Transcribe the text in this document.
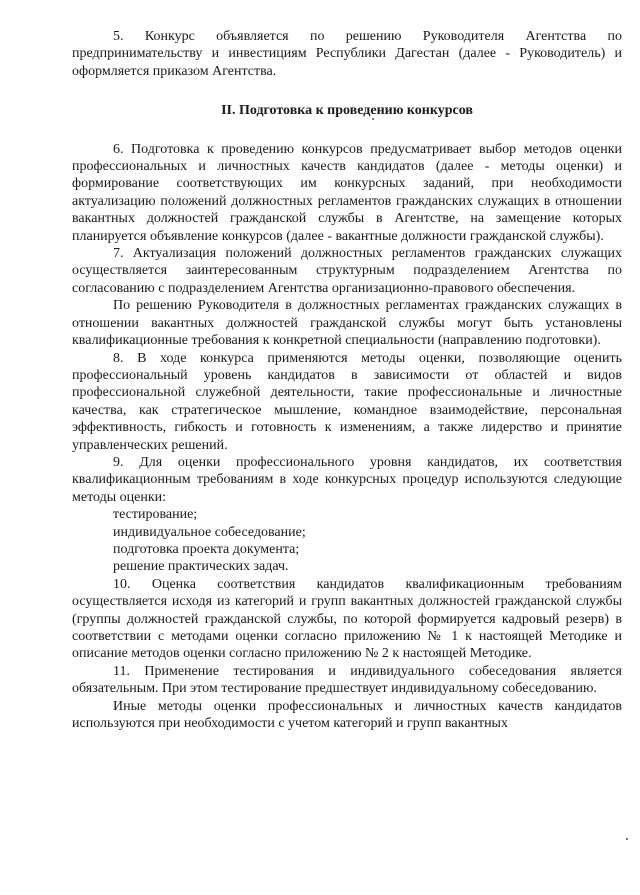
5. Конкурс объявляется по решению Руководителя Агентства по предпринимательству и инвестициям Республики Дагестан (далее - Руководитель) и оформляется приказом Агентства.

II. Подготовка к проведению конкурсов

6. Подготовка к проведению конкурсов предусматривает выбор методов оценки профессиональных и личностных качеств кандидатов (далее - методы оценки) и формирование соответствующих им конкурсных заданий, при необходимости актуализацию положений должностных регламентов гражданских служащих в отношении вакантных должностей гражданской службы в Агентстве, на замещение которых планируется объявление конкурсов (далее - вакантные должности гражданской службы).

7. Актуализация положений должностных регламентов гражданских служащих осуществляется заинтересованным структурным подразделением Агентства по согласованию с подразделением Агентства организационно-правового обеспечения.

По решению Руководителя в должностных регламентах гражданских служащих в отношении вакантных должностей гражданской службы могут быть установлены квалификационные требования к конкретной специальности (направлению подготовки).

8. В ходе конкурса применяются методы оценки, позволяющие оценить профессиональный уровень кандидатов в зависимости от областей и видов профессиональной служебной деятельности, такие профессиональные и личностные качества, как стратегическое мышление, командное взаимодействие, персональная эффективность, гибкость и готовность к изменениям, а также лидерство и принятие управленческих решений.

9. Для оценки профессионального уровня кандидатов, их соответствия квалификационным требованиям в ходе конкурсных процедур используются следующие методы оценки:

тестирование;

индивидуальное собеседование;

подготовка проекта документа;

решение практических задач.

10. Оценка соответствия кандидатов квалификационным требованиям осуществляется исходя из категорий и групп вакантных должностей гражданской службы (группы должностей гражданской службы, по которой формируется кадровый резерв) в соответствии с методами оценки согласно приложению № 1 к настоящей Методике и описание методов оценки согласно приложению № 2 к настоящей Методике.

11. Применение тестирования и индивидуального собеседования является обязательным. При этом тестирование предшествует индивидуальному собеседованию.

Иные методы оценки профессиональных и личностных качеств кандидатов используются при необходимости с учетом категорий и групп вакантных
